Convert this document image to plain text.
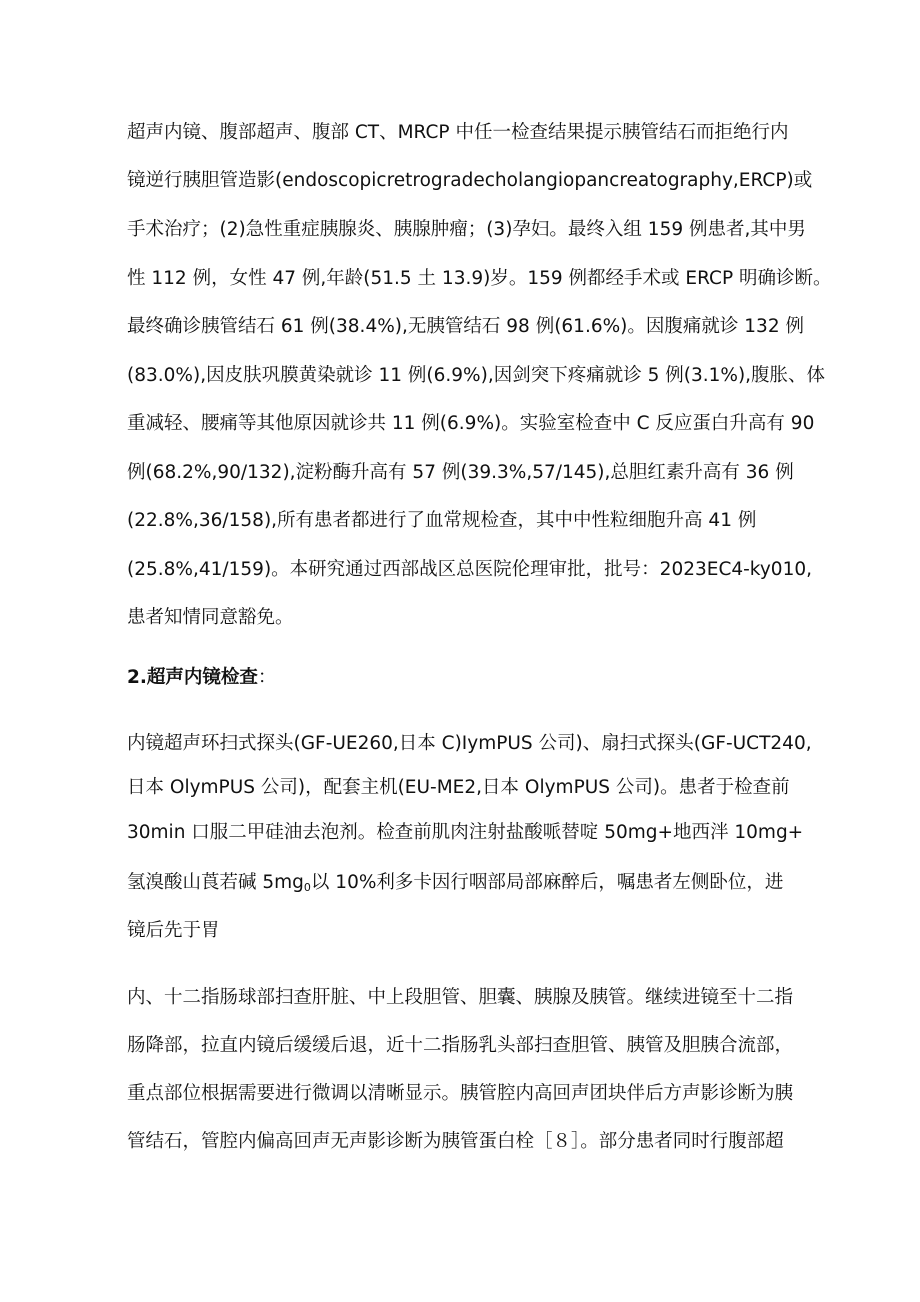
超声内镜、腹部超声、腹部 CT、MRCP 中任一检查结果提示胰管结石而拒绝行内
镜逆行胰胆管造影(endoscopicretrogradecholangiopancreatography,ERCP)或
手术治疗；(2)急性重症胰腺炎、胰腺肿瘤；(3)孕妇。最终入组 159 例患者,其中男
性 112 例，女性 47 例,年龄(51.5 土 13.9)岁。159 例都经手术或 ERCP 明确诊断。
最终确诊胰管结石 61 例(38.4%),无胰管结石 98 例(61.6%)。因腹痛就诊 132 例
(83.0%),因皮肤巩膜黄染就诊 11 例(6.9%),因剑突下疼痛就诊 5 例(3.1%),腹胀、体
重减轻、腰痛等其他原因就诊共 11 例(6.9%)。实验室检查中 C 反应蛋白升高有 90
例(68.2%,90/132),淀粉酶升高有 57 例(39.3%,57/145),总胆红素升高有 36 例
(22.8%,36/158),所有患者都进行了血常规检查，其中中性粒细胞升高 41 例
(25.8%,41/159)。本研究通过西部战区总医院伦理审批，批号：2023EC4-ky010,
患者知情同意豁免。
2.超声内镜检查：
内镜超声环扫式探头(GF-UE260,日本 C)IymPUS 公司)、扇扫式探头(GF-UCT240,
日本 OlymPUS 公司)，配套主机(EU-ME2,日本 OlymPUS 公司)。患者于检查前
30min 口服二甲硅油去泡剂。检查前肌肉注射盐酸哌替啶 50mg+地西泮 10mg+
氢溴酸山莨若碱 $5mg_0$以 10%利多卡因行咽部局部麻醉后，嘱患者左侧卧位，进
镜后先于胃
内、十二指肠球部扫查肝脏、中上段胆管、胆囊、胰腺及胰管。继续进镜至十二指
肠降部，拉直内镜后缓缓后退，近十二指肠乳头部扫查胆管、胰管及胆胰合流部，
重点部位根据需要进行微调以清晰显示。胰管腔内高回声团块伴后方声影诊断为胰
管结石，管腔内偏高回声无声影诊断为胰管蛋白栓［８］。部分患者同时行腹部超
